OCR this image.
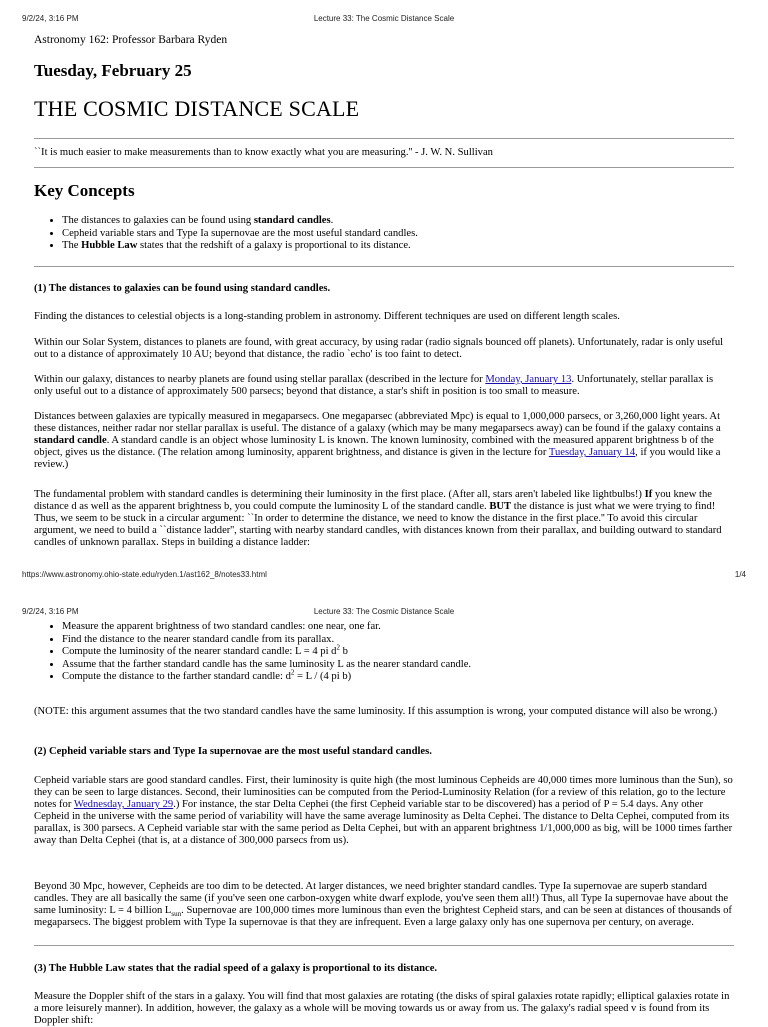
9/2/24, 3:16 PM	Lecture 33: The Cosmic Distance Scale
Astronomy 162: Professor Barbara Ryden
Tuesday, February 25
THE COSMIC DISTANCE SCALE

``It is much easier to make measurements than to know exactly what you are measuring.'' - J. W. N. Sullivan

Key Concepts
• The distances to galaxies can be found using standard candles.
• Cepheid variable stars and Type Ia supernovae are the most useful standard candles.
• The Hubble Law states that the redshift of a galaxy is proportional to its distance.

(1) The distances to galaxies can be found using standard candles.

Finding the distances to celestial objects is a long-standing problem in astronomy. Different techniques are used on different length scales.

Within our Solar System, distances to planets are found, with great accuracy, by using radar (radio signals bounced off planets). Unfortunately, radar is only useful out to a distance of approximately 10 AU; beyond that distance, the radio `echo' is too faint to detect.

Within our galaxy, distances to nearby planets are found using stellar parallax (described in the lecture for Monday, January 13. Unfortunately, stellar parallax is only useful out to a distance of approximately 500 parsecs; beyond that distance, a star's shift in position is too small to measure.

Distances between galaxies are typically measured in megaparsecs. One megaparsec (abbreviated Mpc) is equal to 1,000,000 parsecs, or 3,260,000 light years. At these distances, neither radar nor stellar parallax is useful. The distance of a galaxy (which may be many megaparsecs away) can be found if the galaxy contains a standard candle. A standard candle is an object whose luminosity L is known. The known luminosity, combined with the measured apparent brightness b of the object, gives us the distance. (The relation among luminosity, apparent brightness, and distance is given in the lecture for Tuesday, January 14, if you would like a review.)

The fundamental problem with standard candles is determining their luminosity in the first place. (After all, stars aren't labeled like lightbulbs!) If you knew the distance d as well as the apparent brightness b, you could compute the luminosity L of the standard candle. BUT the distance is just what we were trying to find! Thus, we seem to be stuck in a circular argument: ``In order to determine the distance, we need to know the distance in the first place.'' To avoid this circular argument, we need to build a ``distance ladder'', starting with nearby standard candles, with distances known from their parallax, and building outward to standard candles of unknown parallax. Steps in building a distance ladder:

https://www.astronomy.ohio-state.edu/ryden.1/ast162_8/notes33.html	1/4
9/2/24, 3:16 PM	Lecture 33: The Cosmic Distance Scale
• Measure the apparent brightness of two standard candles: one near, one far.
• Find the distance to the nearer standard candle from its parallax.
• Compute the luminosity of the nearer standard candle: L = 4 pi $d^2$ b
• Assume that the farther standard candle has the same luminosity L as the nearer standard candle.
• Compute the distance to the farther standard candle: $d^2 = L / (4$ pi b)

(NOTE: this argument assumes that the two standard candles have the same luminosity. If this assumption is wrong, your computed distance will also be wrong.)

(2) Cepheid variable stars and Type Ia supernovae are the most useful standard candles.

Cepheid variable stars are good standard candles. First, their luminosity is quite high (the most luminous Cepheids are 40,000 times more luminous than the Sun), so they can be seen to large distances. Second, their luminosities can be computed from the Period-Luminosity Relation (for a review of this relation, go to the lecture notes for Wednesday, January 29.) For instance, the star Delta Cephei (the first Cepheid variable star to be discovered) has a period of P = 5.4 days. Any other Cepheid in the universe with the same period of variability will have the same average luminosity as Delta Cephei. The distance to Delta Cephei, computed from its parallax, is 300 parsecs. A Cepheid variable star with the same period as Delta Cephei, but with an apparent brightness 1/1,000,000 as big, will be 1000 times farther away than Delta Cephei (that is, at a distance of 300,000 parsecs from us).

Beyond 30 Mpc, however, Cepheids are too dim to be detected. At larger distances, we need brighter standard candles. Type Ia supernovae are superb standard candles. They are all basically the same (if you've seen one carbon-oxygen white dwarf explode, you've seen them all!) Thus, all Type Ia supernovae have about the same luminosity: L = 4 billion $L_{sun}$. Supernovae are 100,000 times more luminous than even the brightest Cepheid stars, and can be seen at distances of thousands of megaparsecs. The biggest problem with Type Ia supernovae is that they are infrequent. Even a large galaxy only has one supernova per century, on average.

(3) The Hubble Law states that the radial speed of a galaxy is proportional to its distance.

Measure the Doppler shift of the stars in a galaxy. You will find that most galaxies are rotating (the disks of spiral galaxies rotate rapidly; elliptical galaxies rotate in a more leisurely manner). In addition, however, the galaxy as a whole will be moving towards us or away from us. The galaxy's radial speed v is found from its Doppler shift:
